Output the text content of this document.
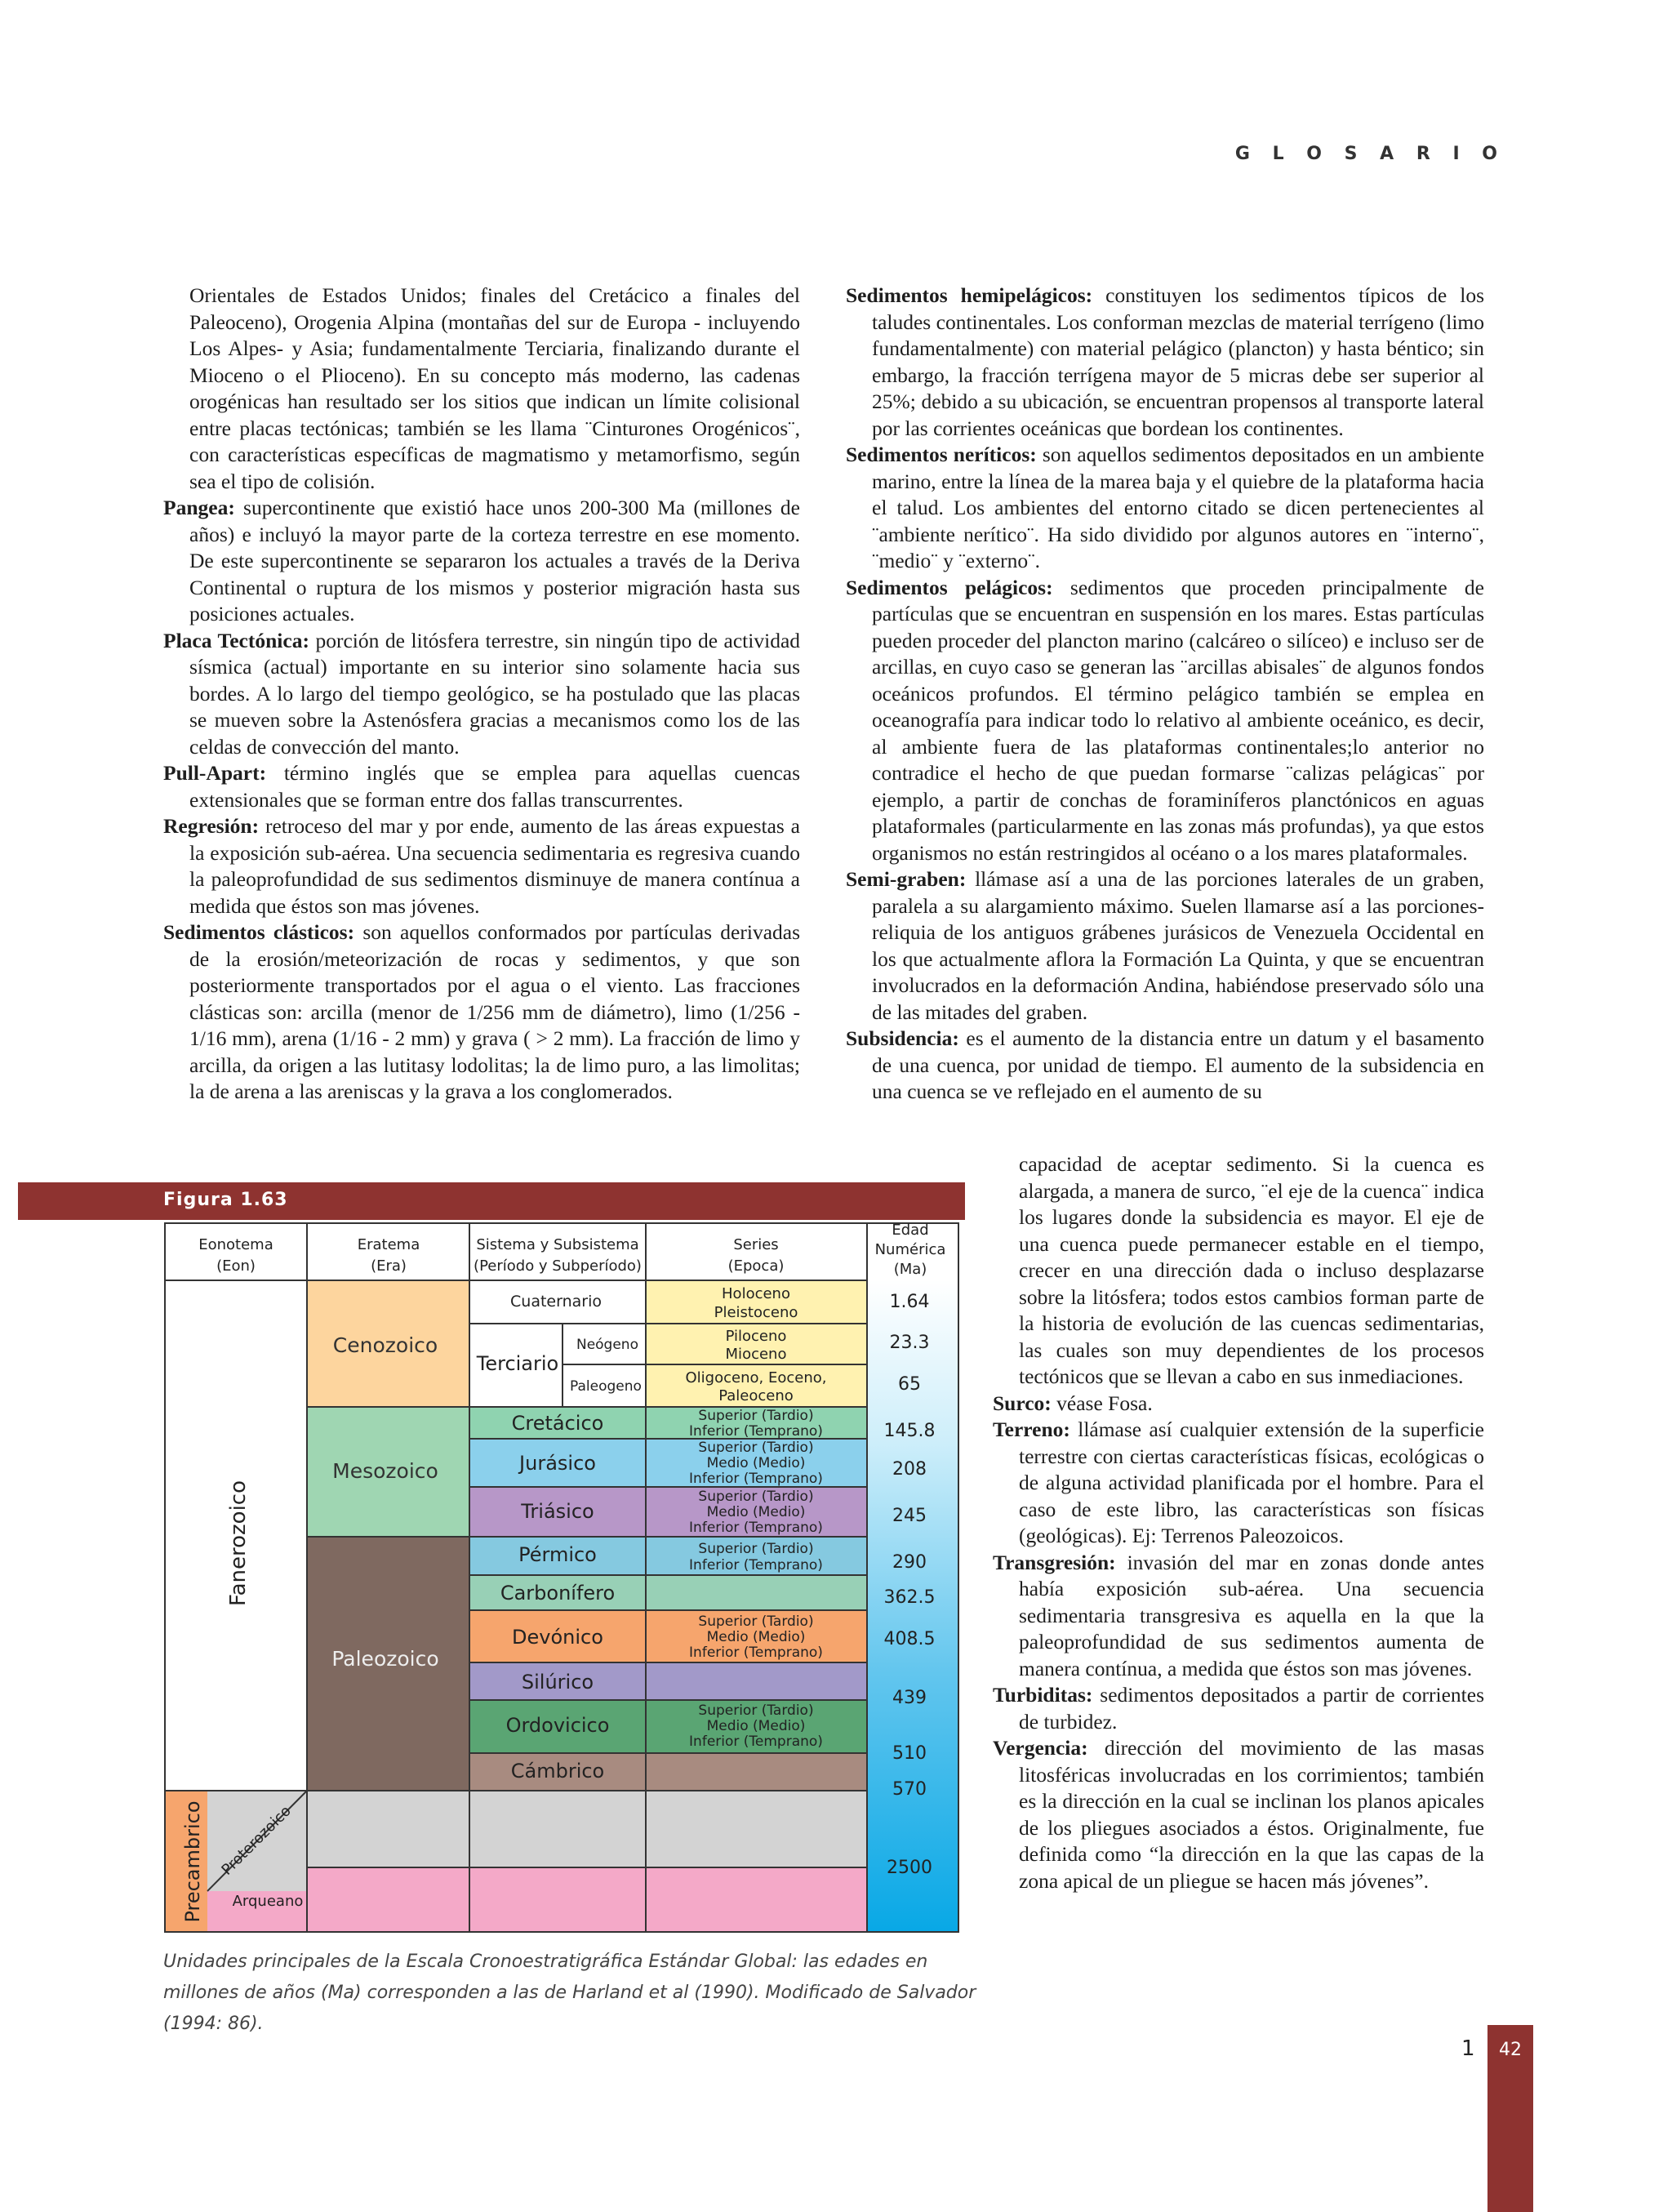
G L O S A R I O

Orientales de Estados Unidos; finales del Cretácico a finales del Paleoceno), Orogenia Alpina (montañas del sur de Europa - incluyendo Los Alpes- y Asia; fundamentalmente Terciaria, finalizando durante el Mioceno o el Plioceno). En su concepto más moderno, las cadenas orogénicas han resultado ser los sitios que indican un límite colisional entre placas tectónicas; también se les llama ¨Cinturones Orogénicos¨, con características específicas de magmatismo y metamorfismo, según sea el tipo de colisión.

Pangea: supercontinente que existió hace unos 200-300 Ma (millones de años) e incluyó la mayor parte de la corteza terrestre en ese momento. De este supercontinente se separaron los actuales a través de la Deriva Continental o ruptura de los mismos y posterior migración hasta sus posiciones actuales.

Placa Tectónica: porción de litósfera terrestre, sin ningún tipo de actividad sísmica (actual) importante en su interior sino solamente hacia sus bordes. A lo largo del tiempo geológico, se ha postulado que las placas se mueven sobre la Astenósfera gracias a mecanismos como los de las celdas de convección del manto.

Pull-Apart: término inglés que se emplea para aquellas cuencas extensionales que se forman entre dos fallas transcurrentes.

Regresión: retroceso del mar y por ende, aumento de las áreas expuestas a la exposición sub-aérea. Una secuencia sedimentaria es regresiva cuando la paleoprofundidad de sus sedimentos disminuye de manera contínua a medida que éstos son mas jóvenes.

Sedimentos clásticos: son aquellos conformados por partículas derivadas de la erosión/meteorización de rocas y sedimentos, y que son posteriormente transportados por el agua o el viento. Las fracciones clásticas son: arcilla (menor de 1/256 mm de diámetro), limo (1/256 - 1/16 mm), arena (1/16 - 2 mm) y grava ( > 2 mm). La fracción de limo y arcilla, da origen a las lutitasy lodolitas; la de limo puro, a las limolitas; la de arena a las areniscas y la grava a los conglomerados.

Sedimentos hemipelágicos: constituyen los sedimentos típicos de los taludes continentales. Los conforman mezclas de material terrígeno (limo fundamentalmente) con material pelágico (plancton) y hasta béntico; sin embargo, la fracción terrígena mayor de 5 micras debe ser superior al 25%; debido a su ubicación, se encuentran propensos al transporte lateral por las corrientes oceánicas que bordean los continentes.

Sedimentos neríticos: son aquellos sedimentos depositados en un ambiente marino, entre la línea de la marea baja y el quiebre de la plataforma hacia el talud. Los ambientes del entorno citado se dicen pertenecientes al ¨ambiente nerítico¨. Ha sido dividido por algunos autores en ¨interno¨, ¨medio¨ y ¨externo¨.

Sedimentos pelágicos: sedimentos que proceden principalmente de partículas que se encuentran en suspensión en los mares. Estas partículas pueden proceder del plancton marino (calcáreo o silíceo) e incluso ser de arcillas, en cuyo caso se generan las ¨arcillas abisales¨ de algunos fondos oceánicos profundos. El término pelágico también se emplea en oceanografía para indicar todo lo relativo al ambiente oceánico, es decir, al ambiente fuera de las plataformas continentales;lo anterior no contradice el hecho de que puedan formarse ¨calizas pelágicas¨ por ejemplo, a partir de conchas de foraminíferos planctónicos en aguas plataformales (particularmente en las zonas más profundas), ya que estos organismos no están restringidos al océano o a los mares plataformales.

Semi-graben: llámase así a una de las porciones laterales de un graben, paralela a su alargamiento máximo. Suelen llamarse así a las porciones-reliquia de los antiguos grábenes jurásicos de Venezuela Occidental en los que actualmente aflora la Formación La Quinta, y que se encuentran involucrados en la deformación Andina, habiéndose preservado sólo una de las mitades del graben.

Subsidencia: es el aumento de la distancia entre un datum y el basamento de una cuenca, por unidad de tiempo. El aumento de la subsidencia en una cuenca se ve reflejado en el aumento de su

capacidad de aceptar sedimento. Si la cuenca es alargada, a manera de surco, ¨el eje de la cuenca¨ indica los lugares donde la subsidencia es mayor. El eje de una cuenca puede permanecer estable en el tiempo, crecer en una dirección dada o incluso desplazarse sobre la litósfera; todos estos cambios forman parte de la historia de evolución de las cuencas sedimentarias, las cuales son muy dependientes de los procesos tectónicos que se llevan a cabo en sus inmediaciones.

Surco: véase Fosa.

Terreno: llámase así cualquier extensión de la superficie terrestre con ciertas características físicas, ecológicas o de alguna actividad planificada por el hombre. Para el caso de este libro, las características son físicas (geológicas). Ej: Terrenos Paleozoicos.

Transgresión: invasión del mar en zonas donde antes había exposición sub-aérea. Una secuencia sedimentaria transgresiva es aquella en la que la paleoprofundidad de sus sedimentos aumenta de manera contínua, a medida que éstos son mas jóvenes.

Turbiditas: sedimentos depositados a partir de corrientes de turbidez.

Vergencia: dirección del movimiento de las masas litosféricas involucradas en los corrimientos; también es la dirección en la cual se inclinan los planos apicales de los pliegues asociados a éstos. Originalmente, fue definida como “la dirección en la que las capas de la zona apical de un pliegue se hacen más jóvenes”.

Figura 1.63
Eonotema
(Eon)
Eratema
(Era)
Sistema y Subsistema
(Período y Subperíodo)
Series
(Epoca)
Edad
Numérica
(Ma)
Fanerozoico
Precambrico Proterozoico
Arqueano
Cenozoico
Mesozoico
Paleozoico
Cuaternario
Terciario
Neógeno
Paleogeno
Cretácico
Jurásico
Triásico
Pérmico
Carbonífero
Devónico
Silúrico
Ordovicico
Cámbrico
Holoceno
Pleistoceno
Piloceno
Mioceno
Oligoceno, Eoceno,
Paleoceno
Superior (Tardio)
Inferior (Temprano)
Superior (Tardio)
Medio (Medio)
Inferior (Temprano)
Superior (Tardio)
Medio (Medio)
Inferior (Temprano)
Superior (Tardio)
Inferior (Temprano)
Superior (Tardio)
Medio (Medio)
Inferior (Temprano)
Superior (Tardio)
Medio (Medio)
Inferior (Temprano)
1.64
23.3
65
145.8
208
245
290
362.5
408.5
439
510
570
2500
Unidades principales de la Escala Cronoestratigráfica Estándar Global: las edades en millones de años (Ma) corresponden a las de Harland et al (1990). Modificado de Salvador (1994: 86).
1	42
